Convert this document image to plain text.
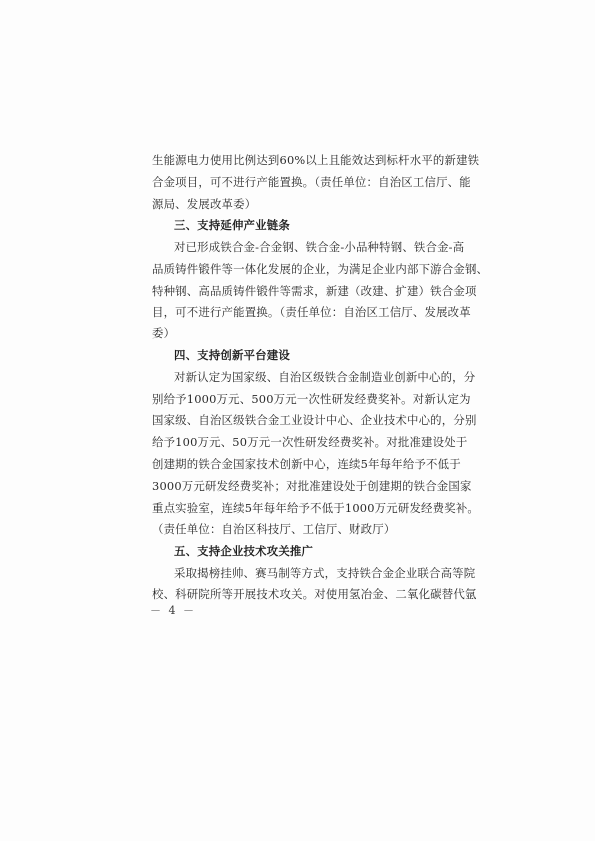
生能源电力使用比例达到60%以上且能效达到标杆水平的新建铁
合金项目，可不进行产能置换。（责任单位：自治区工信厅、能
源局、发展改革委）
三、支持延伸产业链条
对已形成铁合金-合金钢、铁合金-小品种特钢、铁合金-高
品质铸件锻件等一体化发展的企业，为满足企业内部下游合金钢、
特种钢、高品质铸件锻件等需求，新建（改建、扩建）铁合金项
目，可不进行产能置换。（责任单位：自治区工信厅、发展改革
委）
四、支持创新平台建设
对新认定为国家级、自治区级铁合金制造业创新中心的，分
别给予1000万元、500万元一次性研发经费奖补。对新认定为
国家级、自治区级铁合金工业设计中心、企业技术中心的，分别
给予100万元、50万元一次性研发经费奖补。对批准建设处于
创建期的铁合金国家技术创新中心，连续5年每年给予不低于
3000万元研发经费奖补；对批准建设处于创建期的铁合金国家
重点实验室，连续5年每年给予不低于1000万元研发经费奖补。
（责任单位：自治区科技厅、工信厅、财政厅）
五、支持企业技术攻关推广
采取揭榜挂帅、赛马制等方式，支持铁合金企业联合高等院
校、科研院所等开展技术攻关。对使用氢冶金、二氧化碳替代氩
－ 4 －
